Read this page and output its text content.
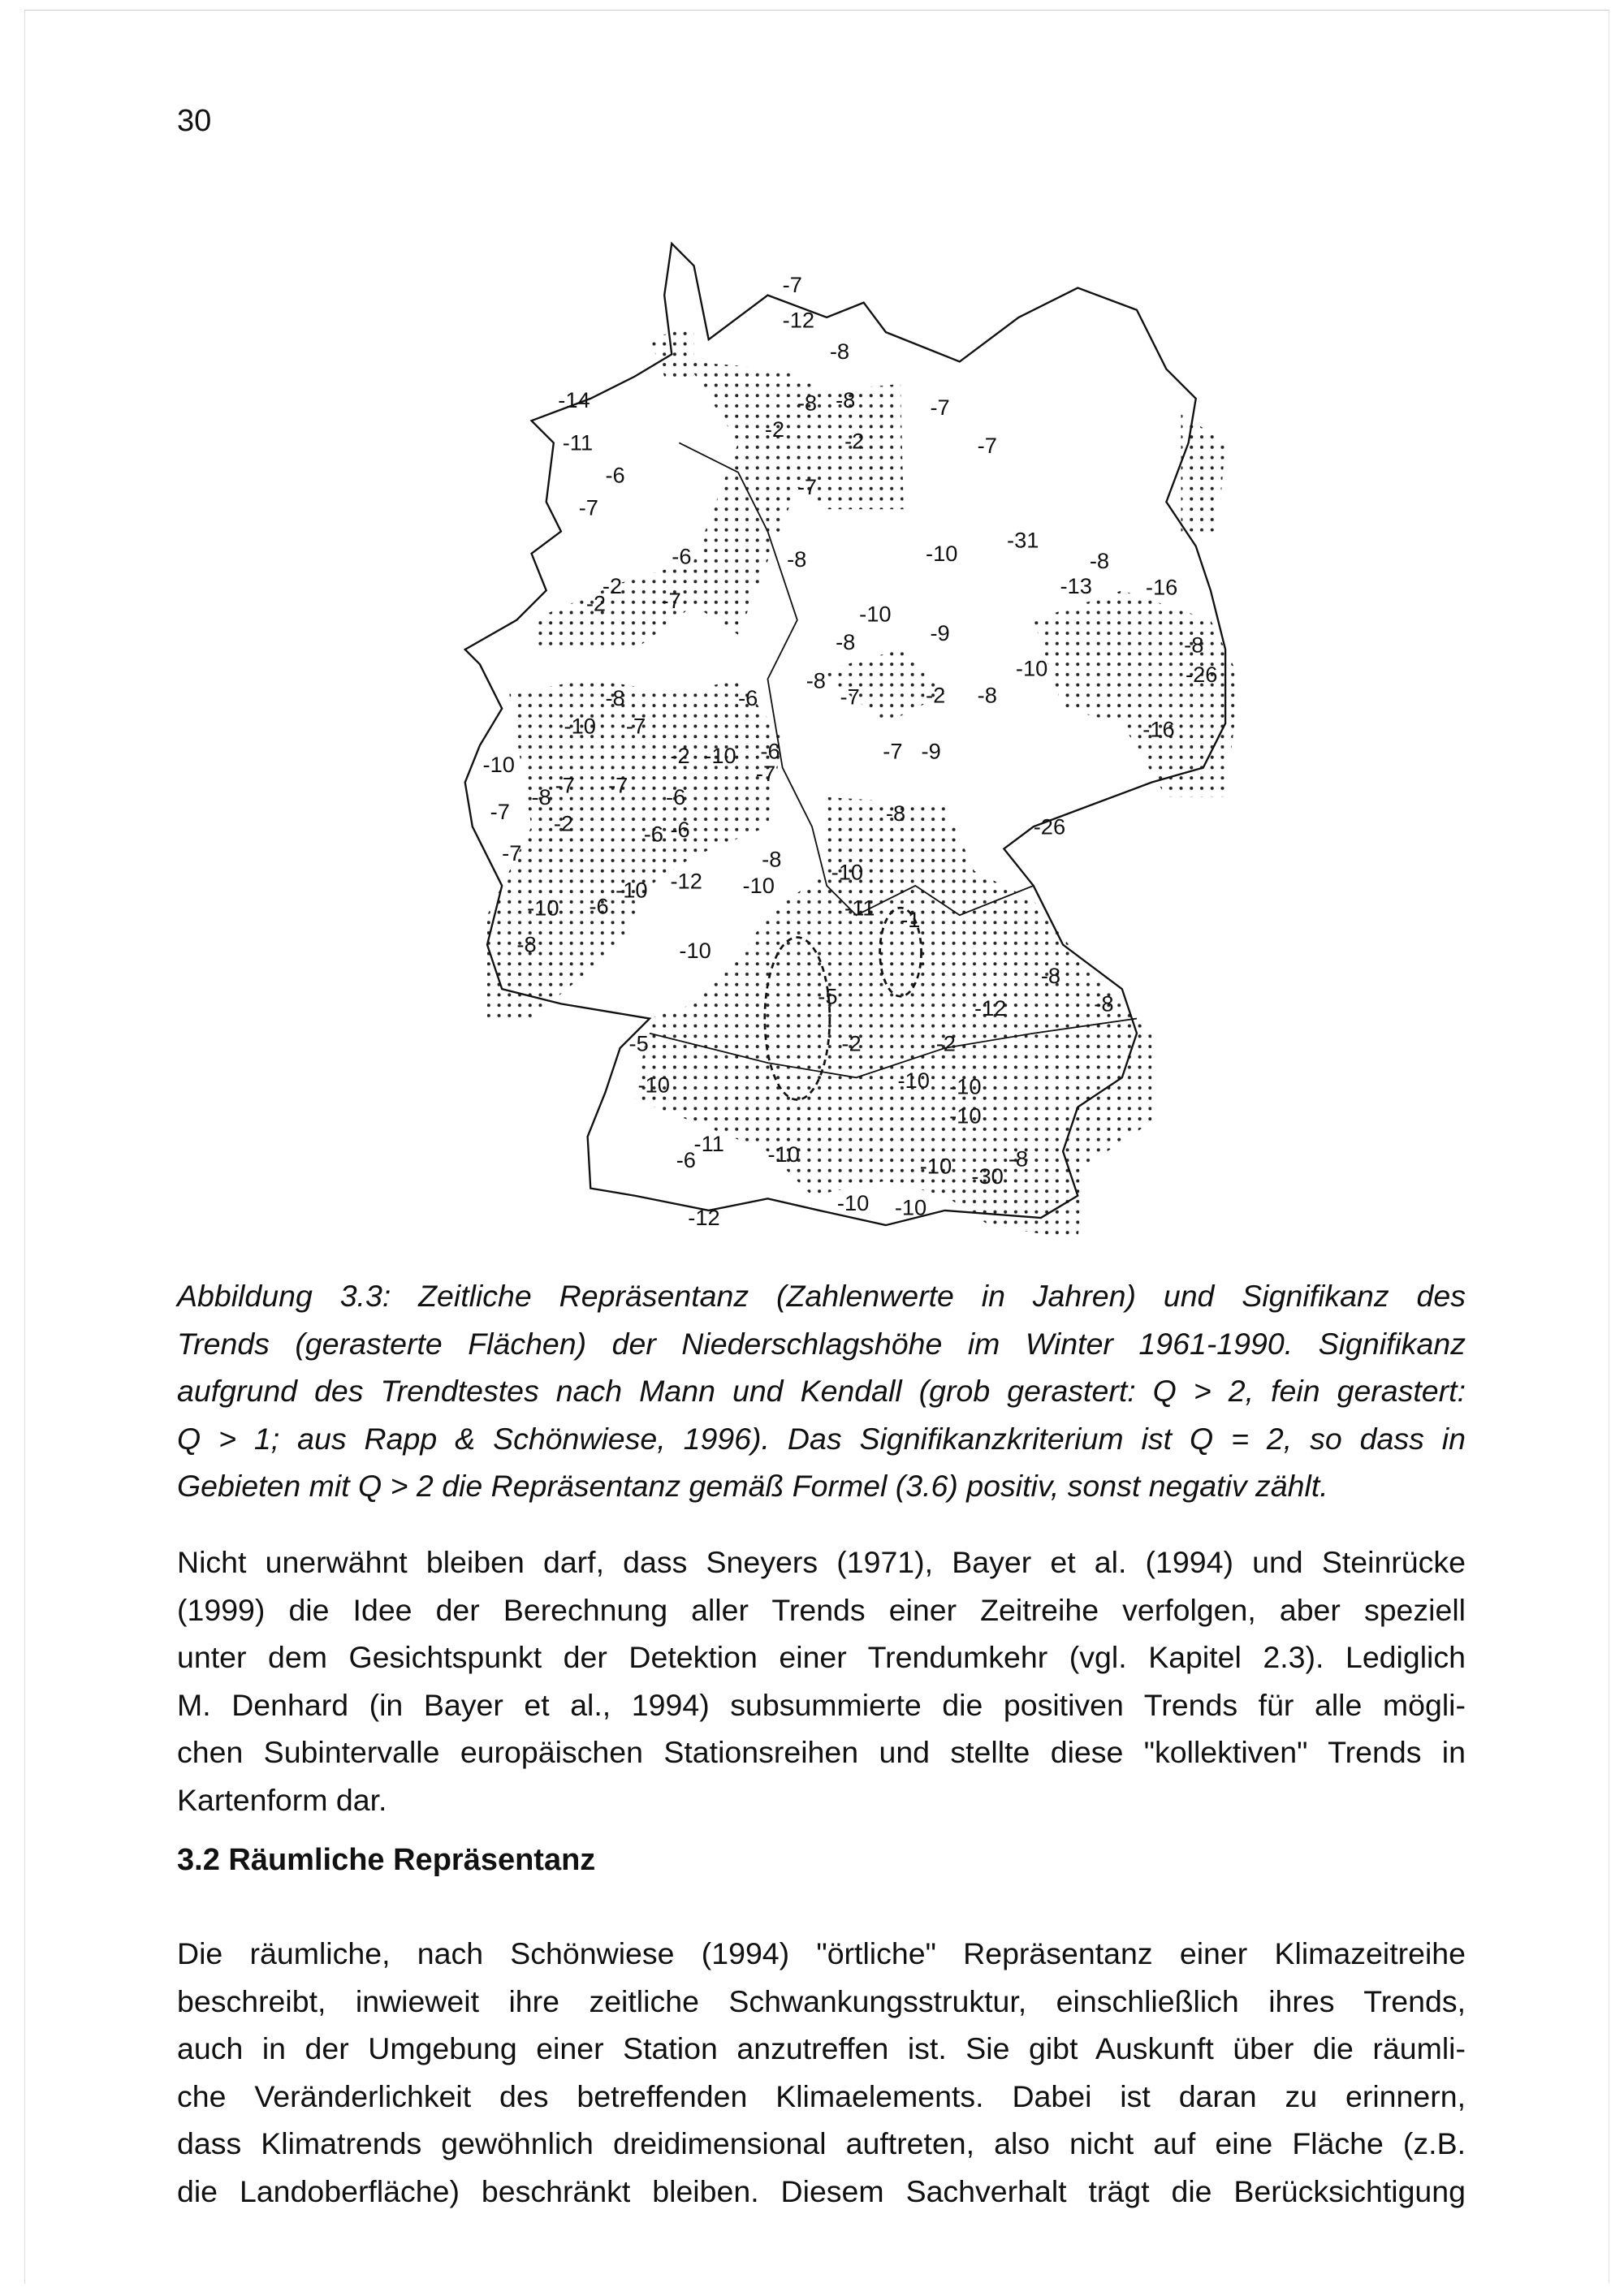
30
-7
-12
-8
-8 -8	-7
-2	-2	-7
-7
-6
-7
-14
-11
-6
-2
-7
-2
-8	-10
-31
-10
-9
-8
-8
-16
-13
-8
-26
-8
-7	-2
-10
-8
-8	-6
-10 -7
-2 -10 -6	-7 -9
-16
-10
-8 -7	-7	-6
-7
-7	-2	-6
-6	-26
-8
-7	-8
-10
-10
-12
-10 -6
-10
-11 -1
-10
-8
-8
-12	-8
-5
-5	-2	-2
-10	-10 -10
-10
-11	-10
-6	-10 -30
-8
-12
-10 -10
Abbildung 3.3: Zeitliche Repräsentanz (Zahlenwerte in Jahren) und Signifikanz des
Trends (gerasterte Flächen) der Niederschlagshöhe im Winter 1961-1990. Signifikanz
aufgrund des Trendtestes nach Mann und Kendall (grob gerastert: Q > 2, fein gerastert:
Q > 1; aus Rapp & Schönwiese, 1996). Das Signifikanzkriterium ist Q = 2, so dass in
Gebieten mit Q > 2 die Repräsentanz gemäß Formel (3.6) positiv, sonst negativ zählt.
Nicht unerwähnt bleiben darf, dass Sneyers (1971), Bayer et al. (1994) und Steinrücke
(1999) die Idee der Berechnung aller Trends einer Zeitreihe verfolgen, aber speziell
unter dem Gesichtspunkt der Detektion einer Trendumkehr (vgl. Kapitel 2.3). Lediglich
M. Denhard (in Bayer et al., 1994) subsummierte die positiven Trends für alle mögli-
chen Subintervalle europäischen Stationsreihen und stellte diese "kollektiven" Trends in
Kartenform dar.
3.2 Räumliche Repräsentanz
Die räumliche, nach Schönwiese (1994) "örtliche" Repräsentanz einer Klimazeitreihe
beschreibt, inwieweit ihre zeitliche Schwankungsstruktur, einschließlich ihres Trends,
auch in der Umgebung einer Station anzutreffen ist. Sie gibt Auskunft über die räumli-
che Veränderlichkeit des betreffenden Klimaelements. Dabei ist daran zu erinnern,
dass Klimatrends gewöhnlich dreidimensional auftreten, also nicht auf eine Fläche (z.B.
die Landoberfläche) beschränkt bleiben. Diesem Sachverhalt trägt die Berücksichtigung
